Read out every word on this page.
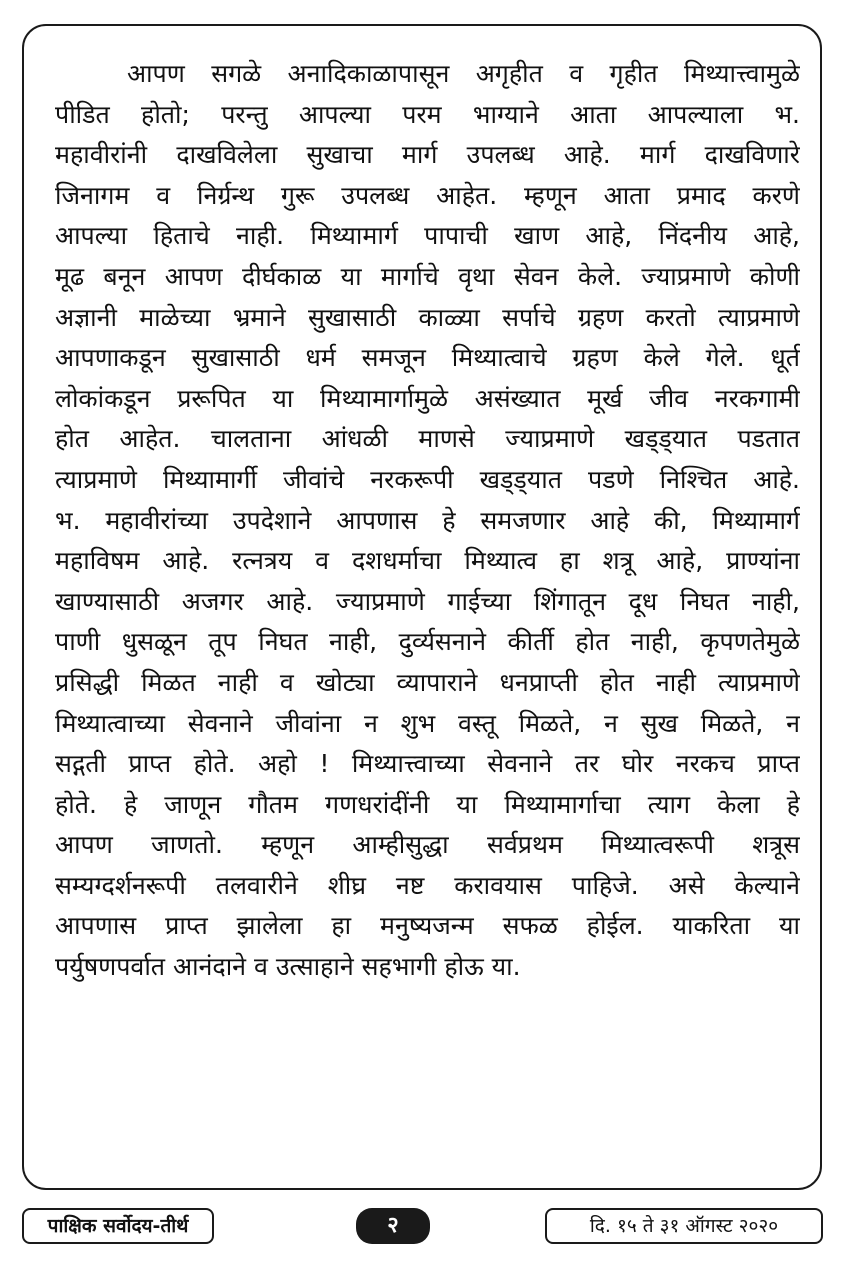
आपण सगळे अनादिकाळापासून अगृहीत व गृहीत मिथ्यात्त्वामुळे
पीडित होतो; परन्तु आपल्या परम भाग्याने आता आपल्याला भ.
महावीरांनी दाखविलेला सुखाचा मार्ग उपलब्ध आहे. मार्ग दाखविणारे
जिनागम व निर्ग्रन्थ गुरू उपलब्ध आहेत. म्हणून आता प्रमाद करणे
आपल्या हिताचे नाही. मिथ्यामार्ग पापाची खाण आहे, निंदनीय आहे,
मूढ बनून आपण दीर्घकाळ या मार्गाचे वृथा सेवन केले. ज्याप्रमाणे कोणी
अज्ञानी माळेच्या भ्रमाने सुखासाठी काळ्या सर्पाचे ग्रहण करतो त्याप्रमाणे
आपणाकडून सुखासाठी धर्म समजून मिथ्यात्वाचे ग्रहण केले गेले. धूर्त
लोकांकडून प्ररूपित या मिथ्यामार्गामुळे असंख्यात मूर्ख जीव नरकगामी
होत आहेत. चालताना आंधळी माणसे ज्याप्रमाणे खड्ड्यात पडतात
त्याप्रमाणे मिथ्यामार्गी जीवांचे नरकरूपी खड्ड्यात पडणे निश्चित आहे.
भ. महावीरांच्या उपदेशाने आपणास हे समजणार आहे की, मिथ्यामार्ग
महाविषम आहे. रत्नत्रय व दशधर्माचा मिथ्यात्व हा शत्रू आहे, प्राण्यांना
खाण्यासाठी अजगर आहे. ज्याप्रमाणे गाईच्या शिंगातून दूध निघत नाही,
पाणी धुसळून तूप निघत नाही, दुर्व्यसनाने कीर्ती होत नाही, कृपणतेमुळे
प्रसिद्धी मिळत नाही व खोट्या व्यापाराने धनप्राप्ती होत नाही त्याप्रमाणे
मिथ्यात्वाच्या सेवनाने जीवांना न शुभ वस्तू मिळते, न सुख मिळते, न
सद्गती प्राप्त होते. अहो ! मिथ्यात्त्वाच्या सेवनाने तर घोर नरकच प्राप्त
होते. हे जाणून गौतम गणधरांदींनी या मिथ्यामार्गाचा त्याग केला हे
आपण जाणतो. म्हणून आम्हीसुद्धा सर्वप्रथम मिथ्यात्वरूपी शत्रूस
सम्यग्दर्शनरूपी तलवारीने शीघ्र नष्ट करावयास पाहिजे. असे केल्याने
आपणास प्राप्त झालेला हा मनुष्यजन्म सफळ होईल. याकरिता या
पर्युषणपर्वात आनंदाने व उत्साहाने सहभागी होऊ या.
पाक्षिक सर्वोदय-तीर्थ	२	दि. १५ ते ३१ ऑगस्ट २०२०
